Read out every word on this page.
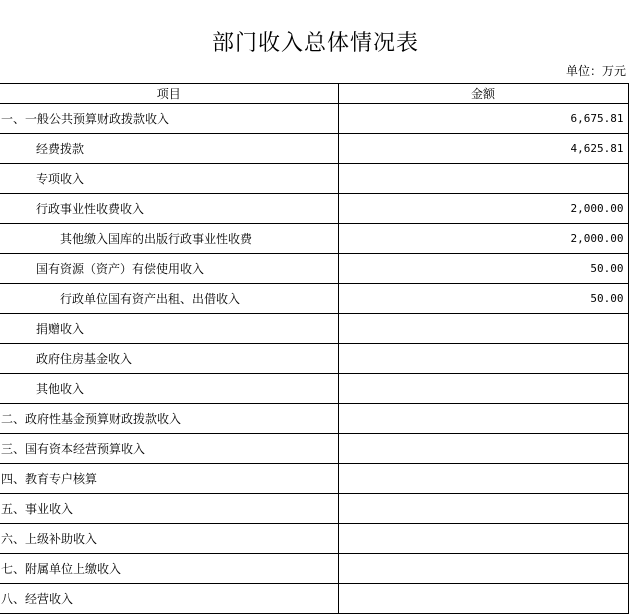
部门收入总体情况表
单位：万元
项目	金额
一、一般公共预算财政拨款收入	6,675.81
经费拨款	4,625.81
专项收入	
行政事业性收费收入	2,000.00
其他缴入国库的出版行政事业性收费	2,000.00
国有资源（资产）有偿使用收入	50.00
行政单位国有资产出租、出借收入	50.00
捐赠收入	
政府住房基金收入	
其他收入	
二、政府性基金预算财政拨款收入	
三、国有资本经营预算收入	
四、教育专户核算	
五、事业收入	
六、上级补助收入	
七、附属单位上缴收入	
八、经营收入	
